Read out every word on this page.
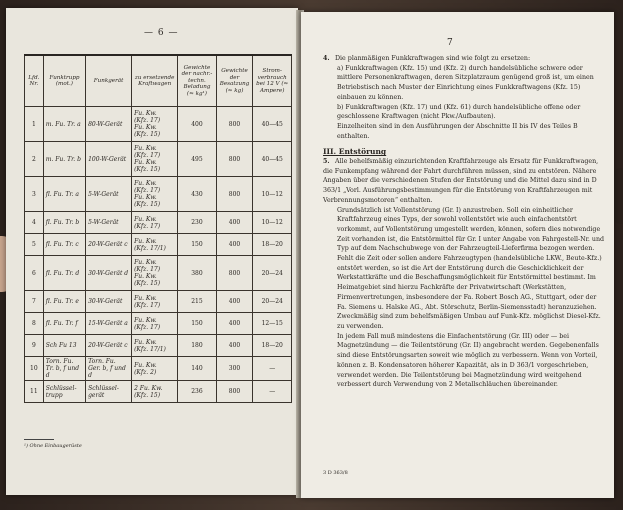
— 6 —
Lfd. Nr.	Funktrupp (mot.)	Funkgerät	zu ersetzende Kraftwagen	Gewichte der nachr.-techn. Beladung (≈ kg¹)	Gewichte der Besatzung (≈ kg)	Strom-verbrauch bei 12 V (≈ Ampere)
1	m. Fu. Tr. a	80-W-Gerät	Fu. Kw.
(Kfz. 17)
Fu. Kw.
(Kfz. 15)	400	800	40—45
2	m. Fu. Tr. b	100-W-Gerät	Fu. Kw.
(Kfz. 17)
Fu. Kw.
(Kfz. 15)	495	800	40—45
3	fl. Fu. Tr. a	5-W-Gerät	Fu. Kw.
(Kfz. 17)
Fu. Kw.
(Kfz. 15)	430	800	10—12
4	fl. Fu. Tr. b	5-W-Gerät	Fu. Kw.
(Kfz. 17)	230	400	10—12
5	fl. Fu. Tr. c	20-W-Gerät c	Fu. Kw.
(Kfz. 17/1)	150	400	18—20
6	fl. Fu. Tr. d	30-W-Gerät d	Fu. Kw.
(Kfz. 17)
Fu. Kw.
(Kfz. 15)	380	800	20—24
7	fl. Fu. Tr. e	30-W-Gerät	Fu. Kw.
(Kfz. 17)	215	400	20—24
8	fl. Fu. Tr. f	15-W-Gerät a	Fu. Kw.
(Kfz. 17)	150	400	12—15
9	Sch Fu 13	20-W-Gerät c	Fu. Kw.
(Kfz. 17/1)	180	400	18—20
10	Torn. Fu. Tr. b, f und d	Torn. Fu. Ger. b, f und d	Fu. Kw.
(Kfz. 2)	140	300	—
11	Schlüssel-trupp	Schlüssel-gerät	2 Fu. Kw.
(Kfz. 15)	236	800	—
¹) Ohne Einbaugerüste
7

4. Die planmäßigen Funkkraftwagen sind wie folgt zu ersetzen:

a) Funkkraftwagen (Kfz. 15) und (Kfz. 2) durch handelsübliche schwere oder mittlere Personenkraftwagen, deren Sitzplatzraum genügend groß ist, um einen Betriebstisch nach Muster der Einrichtung eines Funkkraftwagens (Kfz. 15) einbauen zu können.

b) Funkkraftwagen (Kfz. 17) und (Kfz. 61) durch handelsübliche offene oder geschlossene Kraftwagen (nicht Pkw./Aufbauten).

Einzelheiten sind in den Ausführungen der Abschnitte II bis IV des Teiles B enthalten.

III. Entstörung

5. Alle behelfsmäßig einzurichtenden Kraftfahrzeuge als Ersatz für Funkkraftwagen, die Funkempfang während der Fahrt durchführen müssen, sind zu entstören. Nähere Angaben über die verschiedenen Stufen der Entstörung und die Mittel dazu sind in D 363/1 „Vorl. Ausführungsbestimmungen für die Entstörung von Kraftfahrzeugen mit Verbrennungsmotoren“ enthalten.

Grundsätzlich ist Vollentstörung (Gr. I) anzustreben. Soll ein einheitlicher Kraftfahrzeug eines Typs, der sowohl vollentstört wie auch einfachentstört vorkommt, auf Vollentstörung umgestellt werden, können, sofern dies notwendige Zeit vorhanden ist, die Entstörmittel für Gr. I unter Angabe von Fahrgestell-Nr. und Typ auf dem Nachschubwege von der Fahrzeugteil-Lieferfirma bezogen werden.

Fehlt die Zeit oder sollen andere Fahrzeugtypen (handelsübliche LKW., Beute-Kfz.) entstört werden, so ist die Art der Entstörung durch die Geschicklichkeit der Werkstattkräfte und die Beschaffungsmöglichkeit für Entstörmittel bestimmt. Im Heimatgebiet sind hierzu Fachkräfte der Privatwirtschaft (Werkstätten, Firmenvertretungen, insbesondere der Fa. Robert Bosch AG., Stuttgart, oder der Fa. Siemens u. Halske AG., Abt. Störschutz, Berlin-Siemensstadt) heranzuziehen. Zweckmäßig sind zum behelfsmäßigen Umbau auf Funk-Kfz. möglichst Diesel-Kfz. zu verwenden.

In jedem Fall muß mindestens die Einfachentstörung (Gr. III) oder — bei Magnetzündung — die Teilentstörung (Gr. II) angebracht werden. Gegebenenfalls sind diese Entstörungsarten soweit wie möglich zu verbessern. Wenn von Vorteil, können z. B. Kondensatoren höherer Kapazität, als in D 363/1 vorgeschrieben, verwendet werden. Die Teilentstörung bei Magnetzündung wird weitgehend verbessert durch Verwendung von 2 Metallschläuchen übereinander.

3 D 363/8
